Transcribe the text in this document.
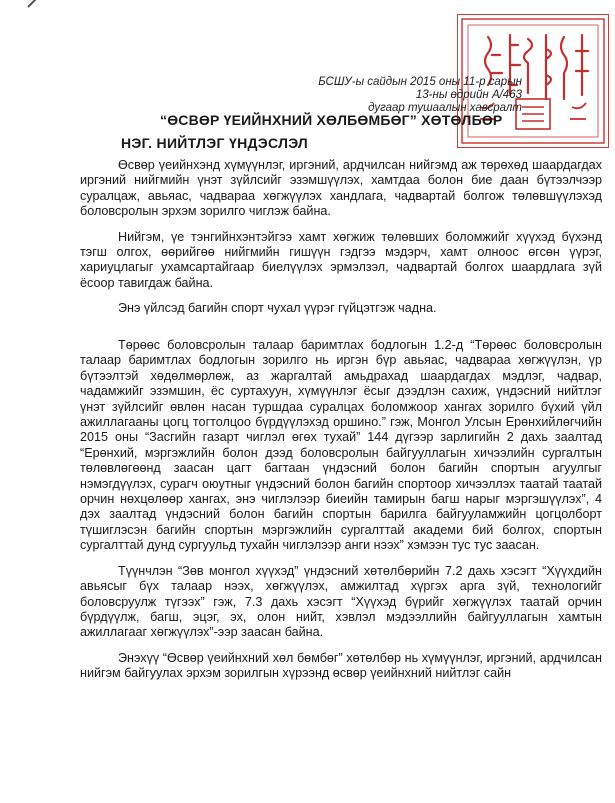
БСШУ-ы сайдын 2015 оны 11-р сарын 13-ны өдрийн А/463
дугаар тушаалын хавсралт
“ӨСВӨР ҮЕИЙНХНИЙ ХӨЛБӨМБӨГ” ХӨТӨЛБӨР
НЭГ. НИЙТЛЭГ ҮНДЭСЛЭЛ

Өсвөр үеийнхэнд хүмүүнлэг, иргэний, ардчилсан нийгэмд аж төрөхөд шаардагдах иргэний нийгмийн үнэт зүйлсийг эзэмшүүлэх, хамтдаа болон бие даан бүтээлчээр суралцаж, авьяас, чадвараа хөгжүүлэх хандлага, чадвартай болгож төлөвшүүлэхэд боловсролын эрхэм зорилго чиглэж байна.

Нийгэм, үе тэнгийнхэнтэйгээ хамт хөгжиж төлөвших боломжийг хүүхэд бүхэнд тэгш олгох, өөрийгөө нийгмийн гишүүн гэдгээ мэдэрч, хамт олноос өгсөн үүрэг, хариуцлагыг ухамсартайгаар биелүүлэх эрмэлзэл, чадвартай болгох шаардлага зүй ёсоор тавигдаж байна.

Энэ үйлсэд багийн спорт чухал үүрэг гүйцэтгэж чадна.

Төрөөс боловсролын талаар баримтлах бодлогын 1.2-д “Төрөөс боловсролын талаар баримтлах бодлогын зорилго нь иргэн бүр авьяас, чадвараа хөгжүүлэн, үр бүтээлтэй хөдөлмөрлөж, аз жаргалтай амьдрахад шаардагдах мэдлэг, чадвар, чадамжийг эзэмшин, ёс суртахуун, хүмүүнлэг ёсыг дээдлэн сахиж, үндэсний нийтлэг үнэт зүйлсийг өвлөн насан туршдаа суралцах боломжоор хангах зорилго бүхий үйл ажиллагааны цогц тогтолцоо бүрдүүлэхэд оршино.” гэж, Монгол Улсын Ерөнхийлөгчийн 2015 оны “Засгийн газарт чиглэл өгөх тухай” 144 дүгээр зарлигийн 2 дахь заалтад “Ерөнхий, мэргэжлийн болон дээд боловсролын байгууллагын хичээлийн сургалтын төлөвлөгөөнд заасан цагт багтаан үндэсний болон багийн спортын агуулгыг нэмэгдүүлэх, сурагч оюутныг үндэсний болон багийн спортоор хичээллэх таатай таатай орчин нөхцөлөөр хангах, энэ чиглэлээр биеийн тамирын багш нарыг мэргэшүүлэх”, 4 дэх заалтад үндэсний болон багийн спортын барилга байгууламжийн цогцолборт түшиглэсэн багийн спортын мэргэжлийн сургалттай академи бий болгох, спортын сургалттай дунд сургуульд тухайн чиглэлээр анги нээх” хэмээн тус тус заасан.

Түүнчлэн “Зөв монгол хүүхэд” үндэсний хөтөлбөрийн 7.2 дахь хэсэгт “Хүүхдийн авьясыг бүх талаар нээх, хөгжүүлэх, амжилтад хүргэх арга зүй, технологийг боловсруулж түгээх” гэж, 7.3 дахь хэсэгт “Хүүхэд бүрийг хөгжүүлэх таатай орчин бүрдүүлж, багш, эцэг, эх, олон нийт, хэвлэл мэдээллийн байгууллагын хамтын ажиллагааг хөгжүүлэх”-ээр заасан байна.

Энэхүү “Өсвөр үеийнхний хөл бөмбөг” хөтөлбөр нь хүмүүнлэг, иргэний, ардчилсан нийгэм байгуулах эрхэм зорилгын хүрээнд өсвөр үеийнхний нийтлэг сайн
